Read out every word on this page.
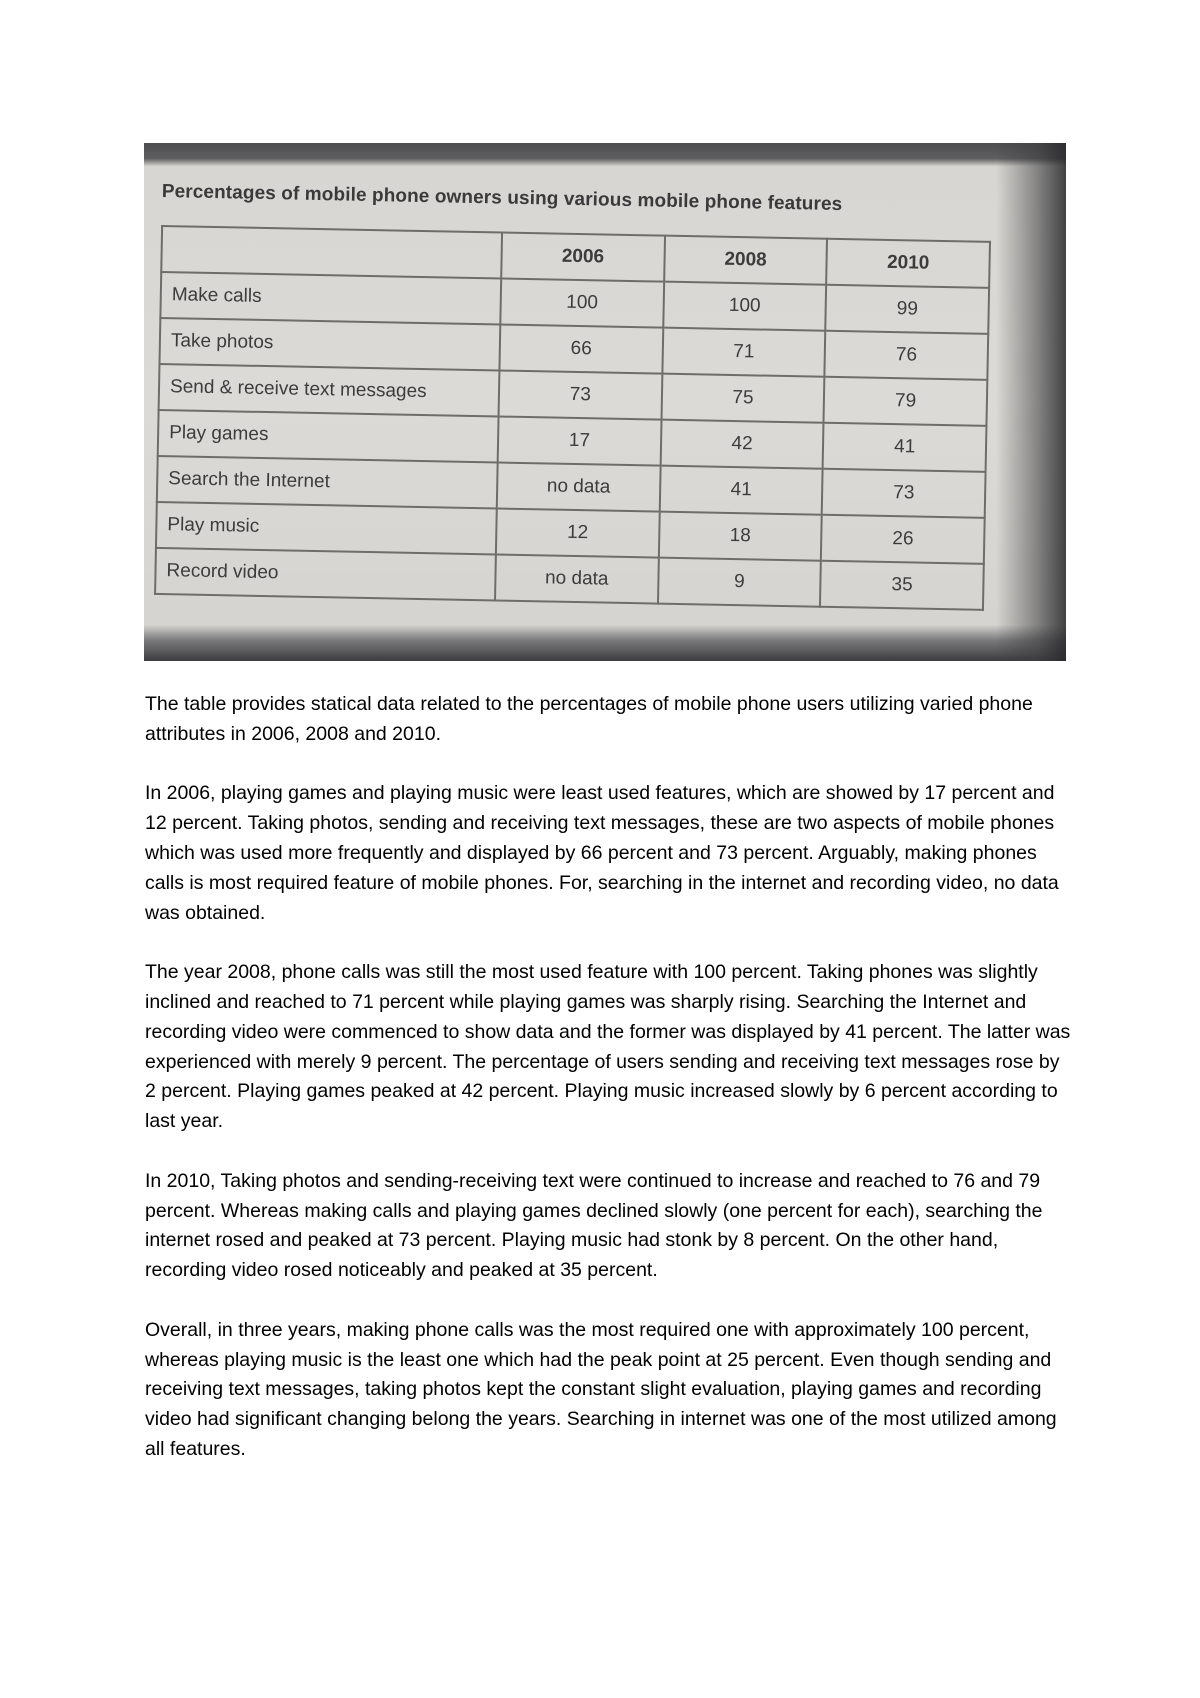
Percentages of mobile phone owners using various mobile phone features
	2006	2008	2010
Make calls	100	100	99
Take photos	66	71	76
Send & receive text messages	73	75	79
Play games	17	42	41
Search the Internet	no data	41	73
Play music	12	18	26
Record video	no data	9	35

The table provides statical data related to the percentages of mobile phone users utilizing varied phone attributes in 2006, 2008 and 2010.

In 2006, playing games and playing music were least used features, which are showed by 17 percent and 12 percent. Taking photos, sending and receiving text messages, these are two aspects of mobile phones which was used more frequently and displayed by 66 percent and 73 percent. Arguably, making phones calls is most required feature of mobile phones. For, searching in the internet and recording video, no data was obtained.

The year 2008, phone calls was still the most used feature with 100 percent. Taking phones was slightly inclined and reached to 71 percent while playing games was sharply rising. Searching the Internet and recording video were commenced to show data and the former was displayed by 41 percent. The latter was experienced with merely 9 percent. The percentage of users sending and receiving text messages rose by 2 percent. Playing games peaked at 42 percent. Playing music increased slowly by 6 percent according to last year.

In 2010, Taking photos and sending-receiving text were continued to increase and reached to 76 and 79 percent. Whereas making calls and playing games declined slowly (one percent for each), searching the internet rosed and peaked at 73 percent. Playing music had stonk by 8 percent. On the other hand, recording video rosed noticeably and peaked at 35 percent.

Overall, in three years, making phone calls was the most required one with approximately 100 percent, whereas playing music is the least one which had the peak point at 25 percent. Even though sending and receiving text messages, taking photos kept the constant slight evaluation, playing games and recording video had significant changing belong the years. Searching in internet was one of the most utilized among all features.
